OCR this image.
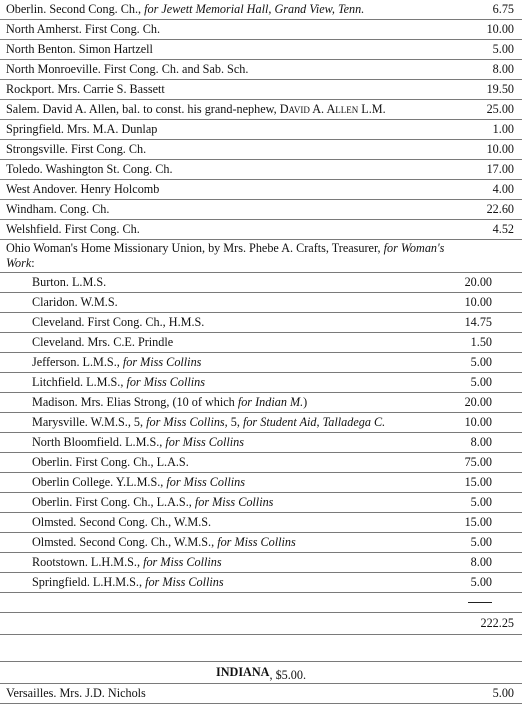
Oberlin. Second Cong. Ch., for Jewett Memorial Hall, Grand View, Tenn.	6.75
North Amherst. First Cong. Ch.	10.00
North Benton. Simon Hartzell	5.00
North Monroeville. First Cong. Ch. and Sab. Sch.	8.00
Rockport. Mrs. Carrie S. Bassett	19.50
Salem. David A. Allen, bal. to const. his grand-nephew, David A. Allen L.M.	25.00
Springfield. Mrs. M.A. Dunlap	1.00
Strongsville. First Cong. Ch.	10.00
Toledo. Washington St. Cong. Ch.	17.00
West Andover. Henry Holcomb	4.00
Windham. Cong. Ch.	22.60
Welshfield. First Cong. Ch.	4.52
Ohio Woman's Home Missionary Union, by Mrs. Phebe A. Crafts, Treasurer, for Woman's Work:
Burton. L.M.S.	20.00
Claridon. W.M.S.	10.00
Cleveland. First Cong. Ch., H.M.S.	14.75
Cleveland. Mrs. C.E. Prindle	1.50
Jefferson. L.M.S., for Miss Collins	5.00
Litchfield. L.M.S., for Miss Collins	5.00
Madison. Mrs. Elias Strong, (10 of which for Indian M.)	20.00
Marysville. W.M.S., 5, for Miss Collins, 5, for Student Aid, Talladega C.	10.00
North Bloomfield. L.M.S., for Miss Collins	8.00
Oberlin. First Cong. Ch., L.A.S.	75.00
Oberlin College. Y.L.M.S., for Miss Collins	15.00
Oberlin. First Cong. Ch., L.A.S., for Miss Collins	5.00
Olmsted. Second Cong. Ch., W.M.S.	15.00
Olmsted. Second Cong. Ch., W.M.S., for Miss Collins	5.00
Rootstown. L.H.M.S., for Miss Collins	8.00
Springfield. L.H.M.S., for Miss Collins	5.00
222.25
INDIANA, $5.00.
Versailles. Mrs. J.D. Nichols	5.00
